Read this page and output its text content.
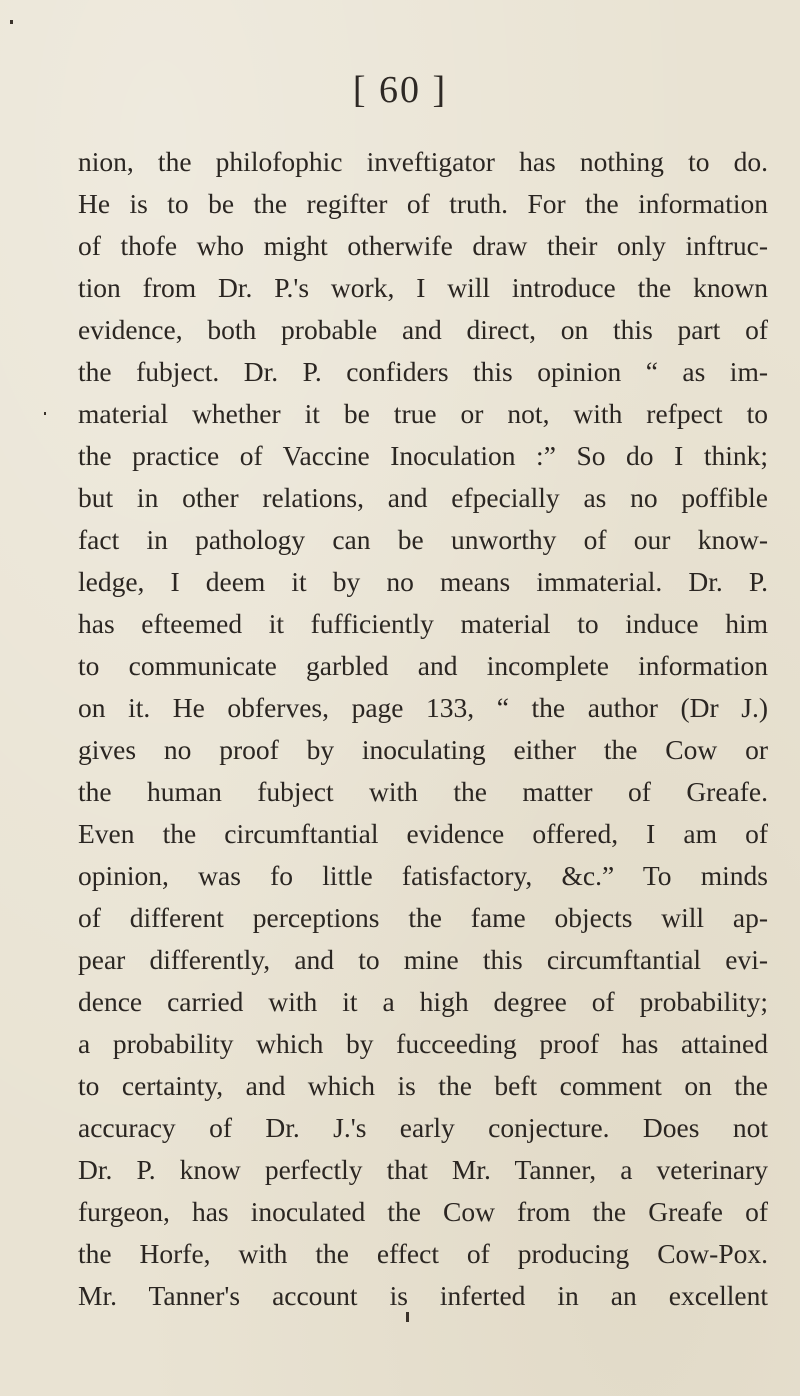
[ 60 ]
nion, the philofophic inveftigator has nothing to do.
He is to be the regifter of truth. For the information
of thofe who might otherwife draw their only inftruc-
tion from Dr. P.'s work, I will introduce the known
evidence, both probable and direct, on this part of
the fubject. Dr. P. confiders this opinion “ as im-
material whether it be true or not, with refpect to
the practice of Vaccine Inoculation :” So do I think;
but in other relations, and efpecially as no poffible
fact in pathology can be unworthy of our know-
ledge, I deem it by no means immaterial. Dr. P.
has efteemed it fufficiently material to induce him
to communicate garbled and incomplete information
on it. He obferves, page 133, “ the author (Dr J.)
gives no proof by inoculating either the Cow or
the human fubject with the matter of Greafe.
Even the circumftantial evidence offered, I am of
opinion, was fo little fatisfactory, &c.” To minds
of different perceptions the fame objects will ap-
pear differently, and to mine this circumftantial evi-
dence carried with it a high degree of probability;
a probability which by fucceeding proof has attained
to certainty, and which is the beft comment on the
accuracy of Dr. J.'s early conjecture. Does not
Dr. P. know perfectly that Mr. Tanner, a veterinary
furgeon, has inoculated the Cow from the Greafe of
the Horfe, with the effect of producing Cow-Pox.
Mr. Tanner's account is inferted in an excellent
